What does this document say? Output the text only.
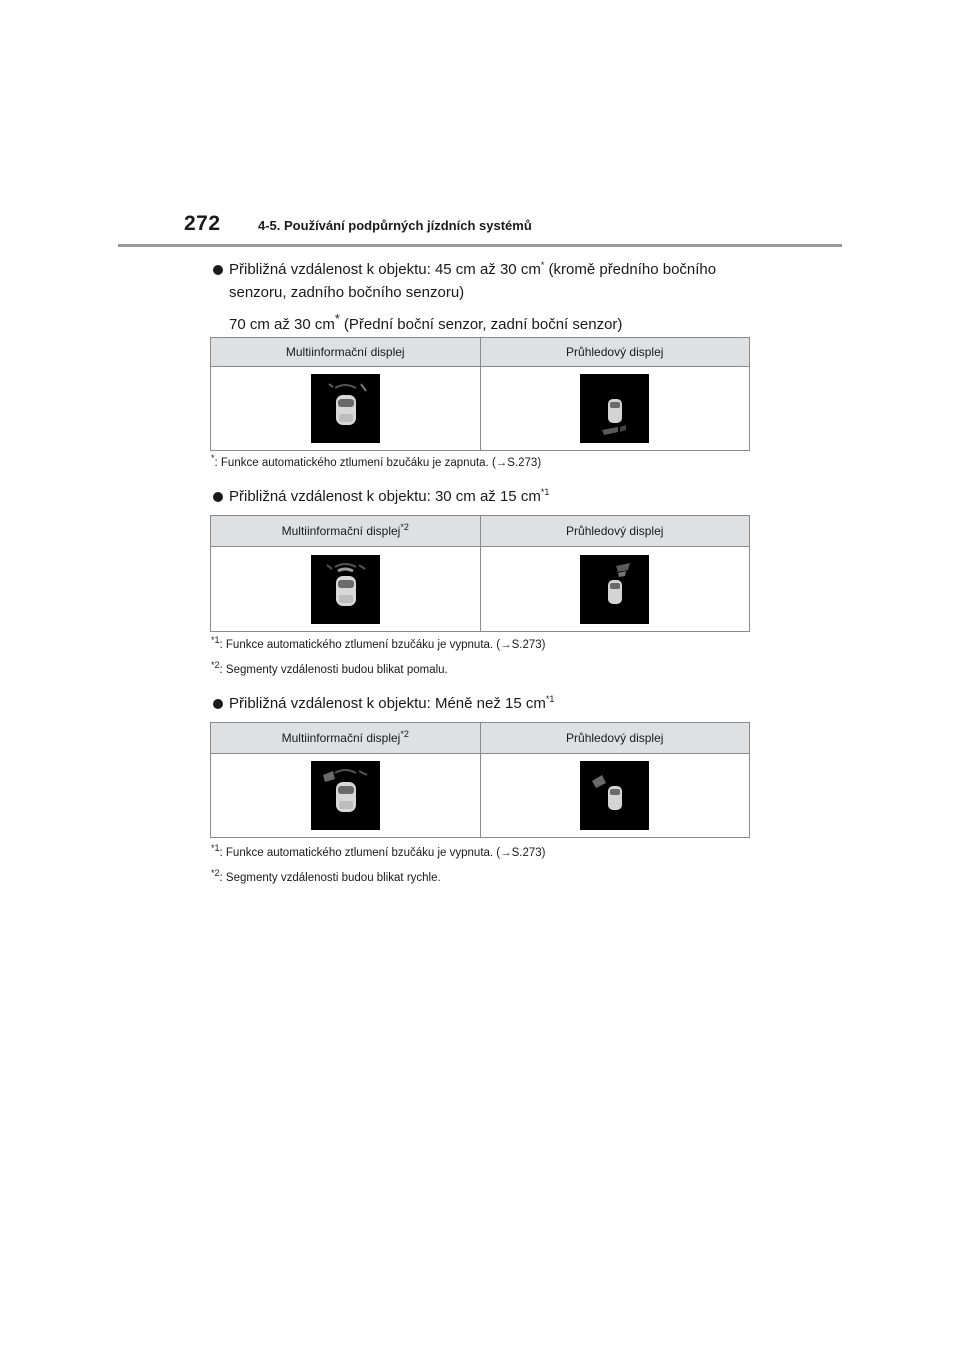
272	4-5. Používání podpůrných jízdních systémů
Přibližná vzdálenost k objektu: 45 cm až 30 cm* (kromě předního bočního
senzoru, zadního bočního senzoru)
70 cm až 30 cm* (Přední boční senzor, zadní boční senzor)
Multiinformační displej	Průhledový displej

*: Funkce automatického ztlumení bzučáku je zapnuta. (→S.273)
Přibližná vzdálenost k objektu: 30 cm až 15 $cm^{*1}$
Multiinformační displej$^{*2}$	Průhledový displej

$^{*1}$: Funkce automatického ztlumení bzučáku je vypnuta. (→S.273)
$^{*2}$: Segmenty vzdálenosti budou blikat pomalu.
Přibližná vzdálenost k objektu: Méně než 15 $cm^{*1}$
Multiinformační displej$^{*2}$	Průhledový displej

$^{*1}$: Funkce automatického ztlumení bzučáku je vypnuta. (→S.273)
$^{*2}$: Segmenty vzdálenosti budou blikat rychle.
